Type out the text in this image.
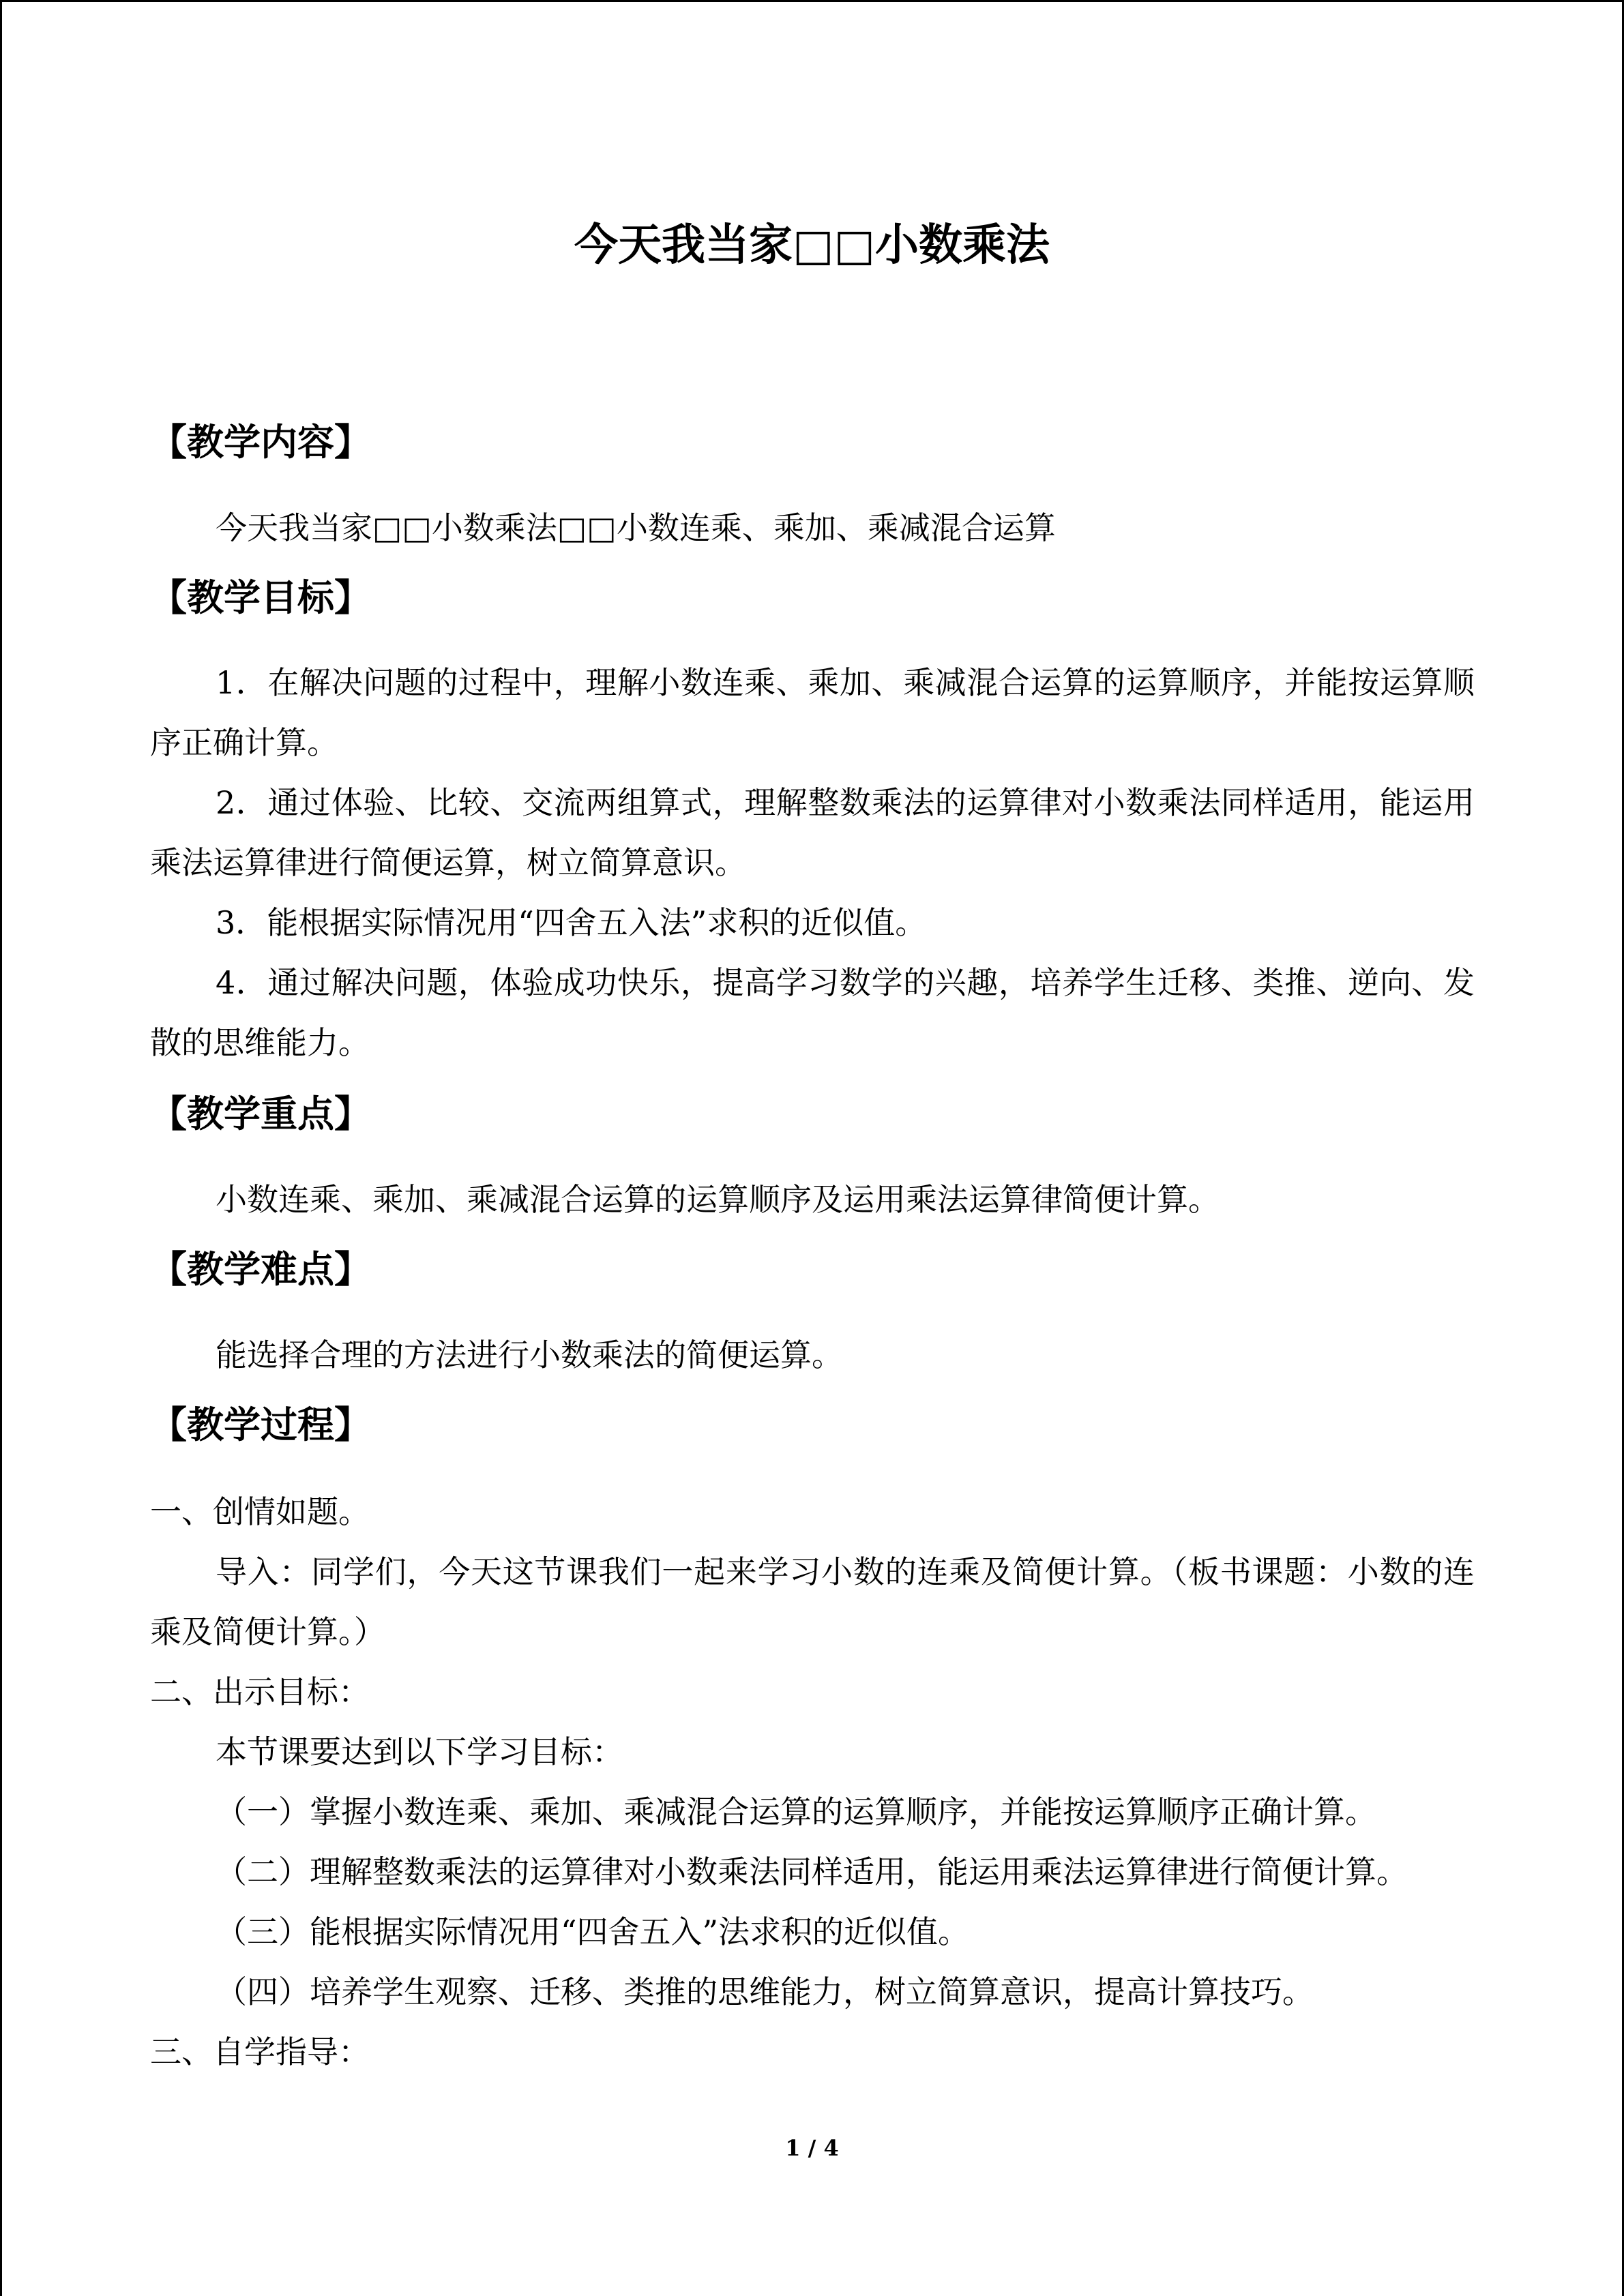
今天我当家□□小数乘法
【教学内容】
今天我当家□□小数乘法□□小数连乘、乘加、乘减混合运算
【教学目标】
1．在解决问题的过程中，理解小数连乘、乘加、乘减混合运算的运算顺序，并能按运算顺序正确计算。
2．通过体验、比较、交流两组算式，理解整数乘法的运算律对小数乘法同样适用，能运用乘法运算律进行简便运算，树立简算意识。
3．能根据实际情况用“四舍五入法”求积的近似值。
4．通过解决问题，体验成功快乐，提高学习数学的兴趣，培养学生迁移、类推、逆向、发散的思维能力。
【教学重点】
小数连乘、乘加、乘减混合运算的运算顺序及运用乘法运算律简便计算。
【教学难点】
能选择合理的方法进行小数乘法的简便运算。
【教学过程】
一、创情如题。
导入：同学们，今天这节课我们一起来学习小数的连乘及简便计算。（板书课题：小数的连乘及简便计算。）
二、出示目标：
本节课要达到以下学习目标：
（一）掌握小数连乘、乘加、乘减混合运算的运算顺序，并能按运算顺序正确计算。
（二）理解整数乘法的运算律对小数乘法同样适用，能运用乘法运算律进行简便计算。
（三）能根据实际情况用“四舍五入”法求积的近似值。
（四）培养学生观察、迁移、类推的思维能力，树立简算意识，提高计算技巧。
三、自学指导：
1 / 4
